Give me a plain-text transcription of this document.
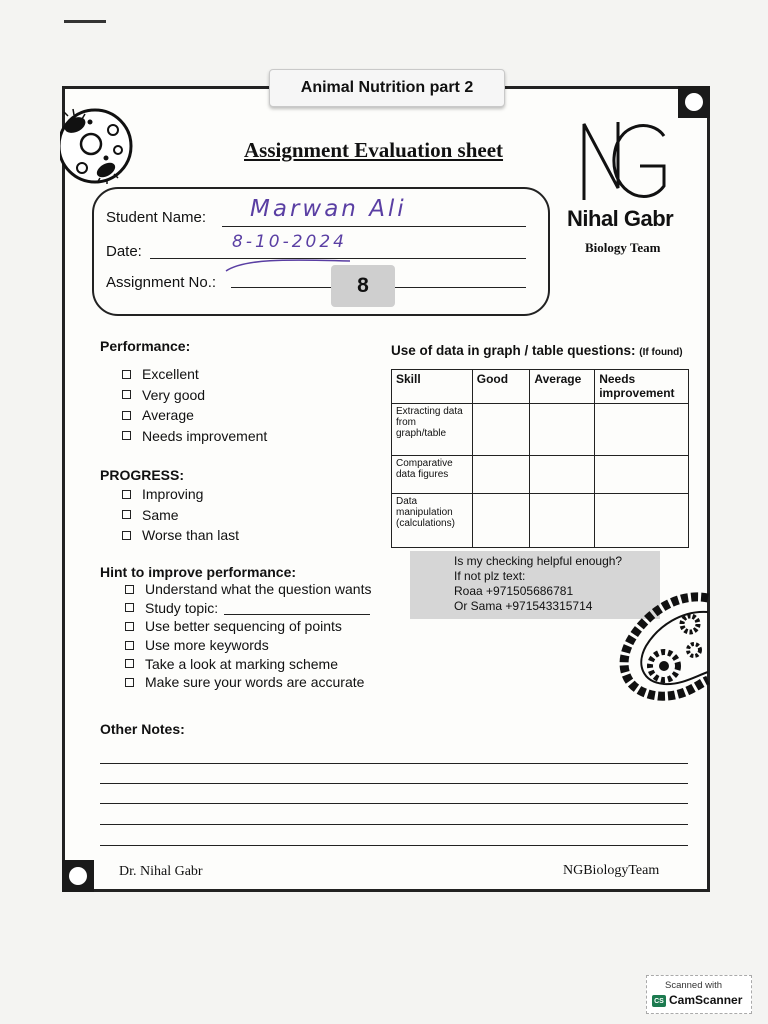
Animal Nutrition part 2
Assignment Evaluation sheet
Nihal Gabr
Biology Team
Student Name: Marwan Ali
Date:	8-10-2024
Assignment No.:	8
Performance:
Excellent
Very good
Average
Needs improvement
PROGRESS:
Improving
Same
Worse than last
Hint to improve performance:
Understand what the question wants
Study topic:
Use better sequencing of points
Use more keywords
Take a look at marking scheme
Make sure your words are accurate
Use of data in graph / table questions: (If found)
Skill	Good	Average	Needs improvement
Extracting data from graph/table			
Comparative data figures			
Data manipulation (calculations)			
Is my checking helpful enough?
If not plz text:
Roaa +971505686781
Or Sama +971543315714
Other Notes:
Dr. Nihal Gabr	NGBiologyTeam
Scanned with
CS CamScanner
